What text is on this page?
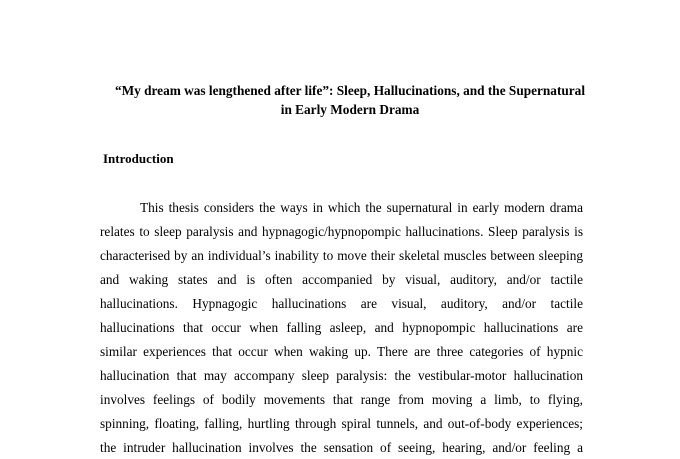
“My dream was lengthened after life”: Sleep, Hallucinations, and the Supernatural
in Early Modern Drama
Introduction
This thesis considers the ways in which the supernatural in early modern drama
relates to sleep paralysis and hypnagogic/hypnopompic hallucinations. Sleep paralysis is
characterised by an individual’s inability to move their skeletal muscles between sleeping
and waking states and is often accompanied by visual, auditory, and/or tactile
hallucinations. Hypnagogic hallucinations are visual, auditory, and/or tactile
hallucinations that occur when falling asleep, and hypnopompic hallucinations are
similar experiences that occur when waking up. There are three categories of hypnic
hallucination that may accompany sleep paralysis: the vestibular-motor hallucination
involves feelings of bodily movements that range from moving a limb, to flying,
spinning, floating, falling, hurtling through spiral tunnels, and out-of-body experiences;
the intruder hallucination involves the sensation of seeing, hearing, and/or feeling a
